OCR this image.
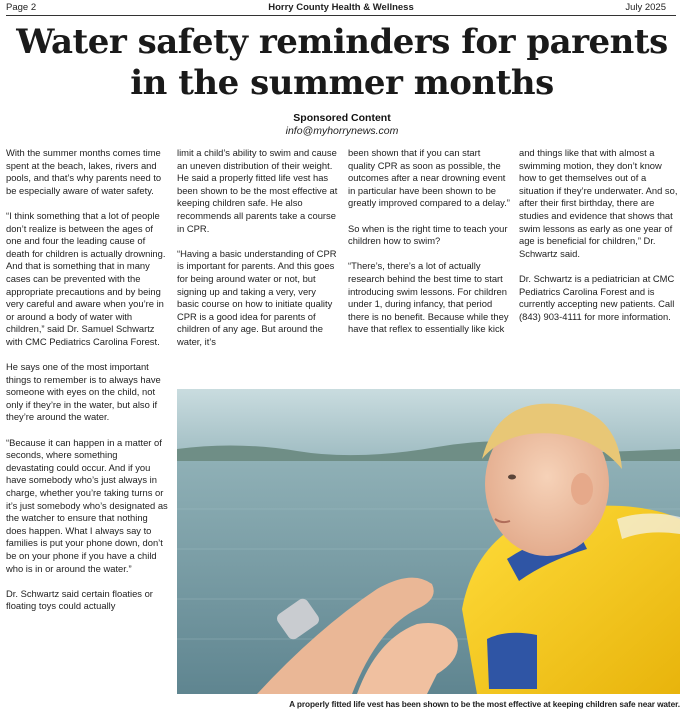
Page 2	Horry County Health & Wellness	July 2025
Water safety reminders for parents
in the summer months
Sponsored Content
info@myhorrynews.com

With the summer months comes time spent at the beach, lakes, rivers and pools, and that’s why parents need to be especially aware of water safety.

“I think something that a lot of people don’t realize is between the ages of one and four the leading cause of death for children is actually drowning. And that is something that in many cases can be prevented with the appropriate precautions and by being very careful and aware when you’re in or around a body of water with children,” said Dr. Samuel Schwartz with CMC Pediatrics Carolina Forest.

He says one of the most important things to remember is to always have someone with eyes on the child, not only if they’re in the water, but also if they’re around the water.

“Because it can happen in a matter of seconds, where something devastating could occur. And if you have somebody who’s just always in charge, whether you’re taking turns or it’s just somebody who’s designated as the watcher to ensure that nothing does happen. What I always say to families is put your phone down, don’t be on your phone if you have a child who is in or around the water.”

Dr. Schwartz said certain floaties or floating toys could actually

limit a child’s ability to swim and cause an uneven distribution of their weight. He said a properly fitted life vest has been shown to be the most effective at keeping children safe. He also recommends all parents take a course in CPR.

“Having a basic understanding of CPR is important for parents. And this goes for being around water or not, but signing up and taking a very, very basic course on how to initiate quality CPR is a good idea for parents of children of any age. But around the water, it’s

been shown that if you can start quality CPR as soon as possible, the outcomes after a near drowning event in particular have been shown to be greatly improved compared to a delay.”

So when is the right time to teach your children how to swim?

“There’s, there’s a lot of actually research behind the best time to start introducing swim lessons. For children under 1, during infancy, that period there is no benefit. Because while they have that reflex to essentially like kick

and things like that with almost a swimming motion, they don’t know how to get themselves out of a situation if they’re underwater. And so, after their first birthday, there are studies and evidence that shows that swim lessons as early as one year of age is beneficial for children,” Dr. Schwartz said.

Dr. Schwartz is a pediatrician at CMC Pediatrics Carolina Forest and is currently accepting new patients. Call (843) 903-4111 for more information.

A properly fitted life vest has been shown to be the most effective at keeping children safe near water.
